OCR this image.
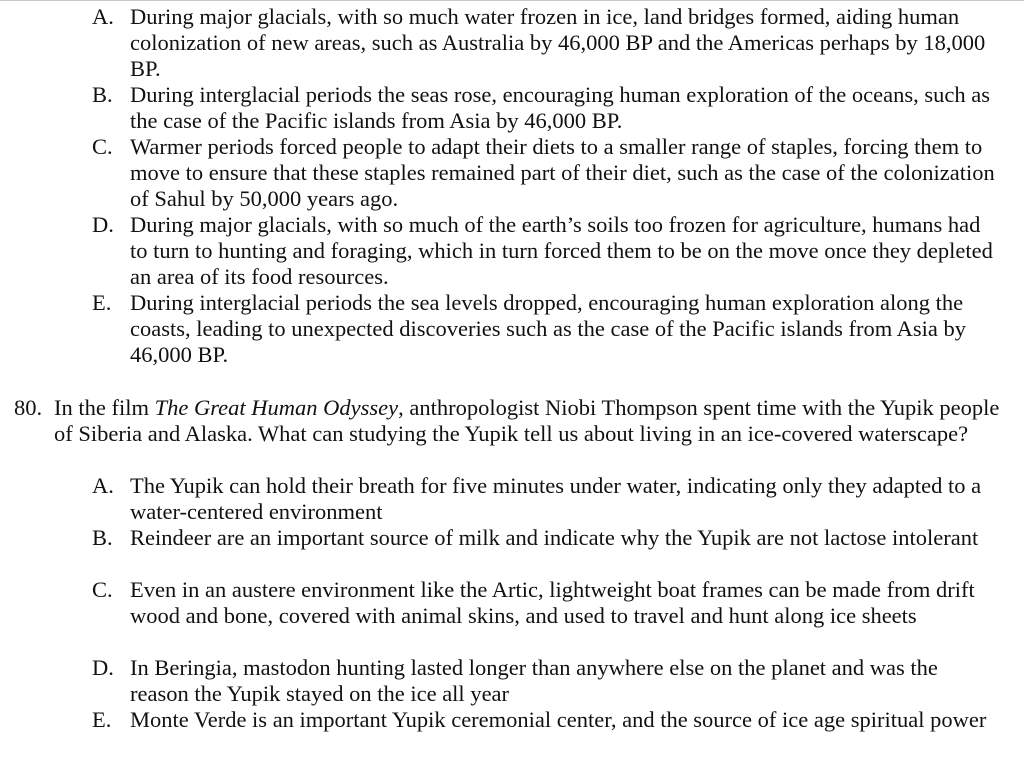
A. During major glacials, with so much water frozen in ice, land bridges formed, aiding human colonization of new areas, such as Australia by 46,000 BP and the Americas perhaps by 18,000 BP.
B. During interglacial periods the seas rose, encouraging human exploration of the oceans, such as the case of the Pacific islands from Asia by 46,000 BP.
C. Warmer periods forced people to adapt their diets to a smaller range of staples, forcing them to move to ensure that these staples remained part of their diet, such as the case of the colonization of Sahul by 50,000 years ago.
D. During major glacials, with so much of the earth’s soils too frozen for agriculture, humans had to turn to hunting and foraging, which in turn forced them to be on the move once they depleted an area of its food resources.
E. During interglacial periods the sea levels dropped, encouraging human exploration along the coasts, leading to unexpected discoveries such as the case of the Pacific islands from Asia by 46,000 BP.
80. In the film The Great Human Odyssey, anthropologist Niobi Thompson spent time with the Yupik people of Siberia and Alaska. What can studying the Yupik tell us about living in an ice-covered waterscape?
A. The Yupik can hold their breath for five minutes under water, indicating only they adapted to a water-centered environment
B. Reindeer are an important source of milk and indicate why the Yupik are not lactose intolerant
C. Even in an austere environment like the Artic, lightweight boat frames can be made from drift wood and bone, covered with animal skins, and used to travel and hunt along ice sheets
D. In Beringia, mastodon hunting lasted longer than anywhere else on the planet and was the reason the Yupik stayed on the ice all year
E. Monte Verde is an important Yupik ceremonial center, and the source of ice age spiritual power
